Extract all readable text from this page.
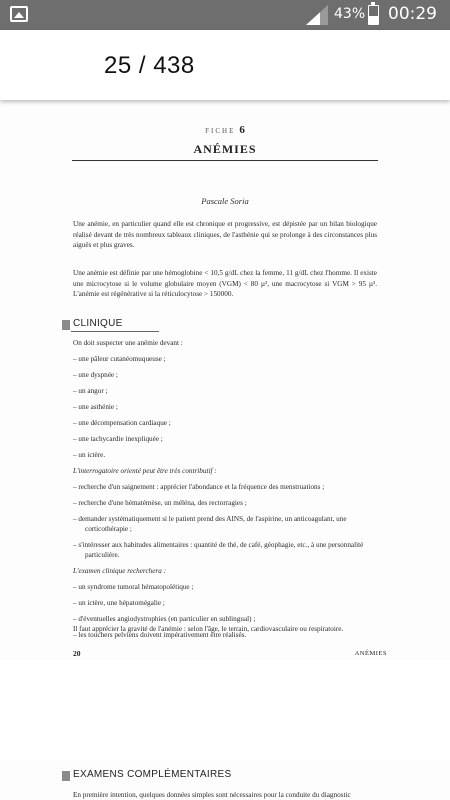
43% 00:29
25 / 438
FICHE 6
ANÉMIES
Pascale Soria
Une anémie, en particulier quand elle est chronique et progressive, est dépistée par un bilan biologique réalisé devant de très nombreux tableaux cliniques, de l'asthénie qui se prolonge à des circonstances plus aiguës et plus graves.
Une anémie est définie par une hémoglobine < 10,5 g/dL chez la femme, 11 g/dL chez l'homme. Il existe une microcytose si le volume globulaire moyen (VGM) < 80 µ³, une macrocytose si VGM > 95 µ³. L'anémie est régénérative si la réticulocytose > 150000.
CLINIQUE
On doit suspecter une anémie devant :
– une pâleur cutanéomuqueuse ;
– une dyspnée ;
– un angor ;
– une asthénie ;
– une décompensation cardiaque ;
– une tachycardie inexpliquée ;
– un ictère.
L'interrogatoire orienté peut être très contributif :
– recherche d'un saignement : apprécier l'abondance et la fréquence des menstruations ;
– recherche d'une hématémèse, un méléna, des rectorragies ;
– demander systématiquement si le patient prend des AINS, de l'aspirine, un anticoagulant, une
corticothérapie ;
– s'intéresser aux habitudes alimentaires : quantité de thé, de café, géophagie, etc., à une personnalité
particulière.
L'examen clinique recherchera :
– un syndrome tumoral hématopoïétique ;
– un ictère, une hépatomégalie ;
– d'éventuelles angiodystrophies (en particulier en sublingual) ;
– les touchers pelviens doivent impérativement être réalisés.
Il faut apprécier la gravité de l'anémie : selon l'âge, le terrain, cardiovasculaire ou respiratoire.
20	ANÉMIES
EXAMENS COMPLÉMENTAIRES
En première intention, quelques données simples sont nécessaires pour la conduite du diagnostic
